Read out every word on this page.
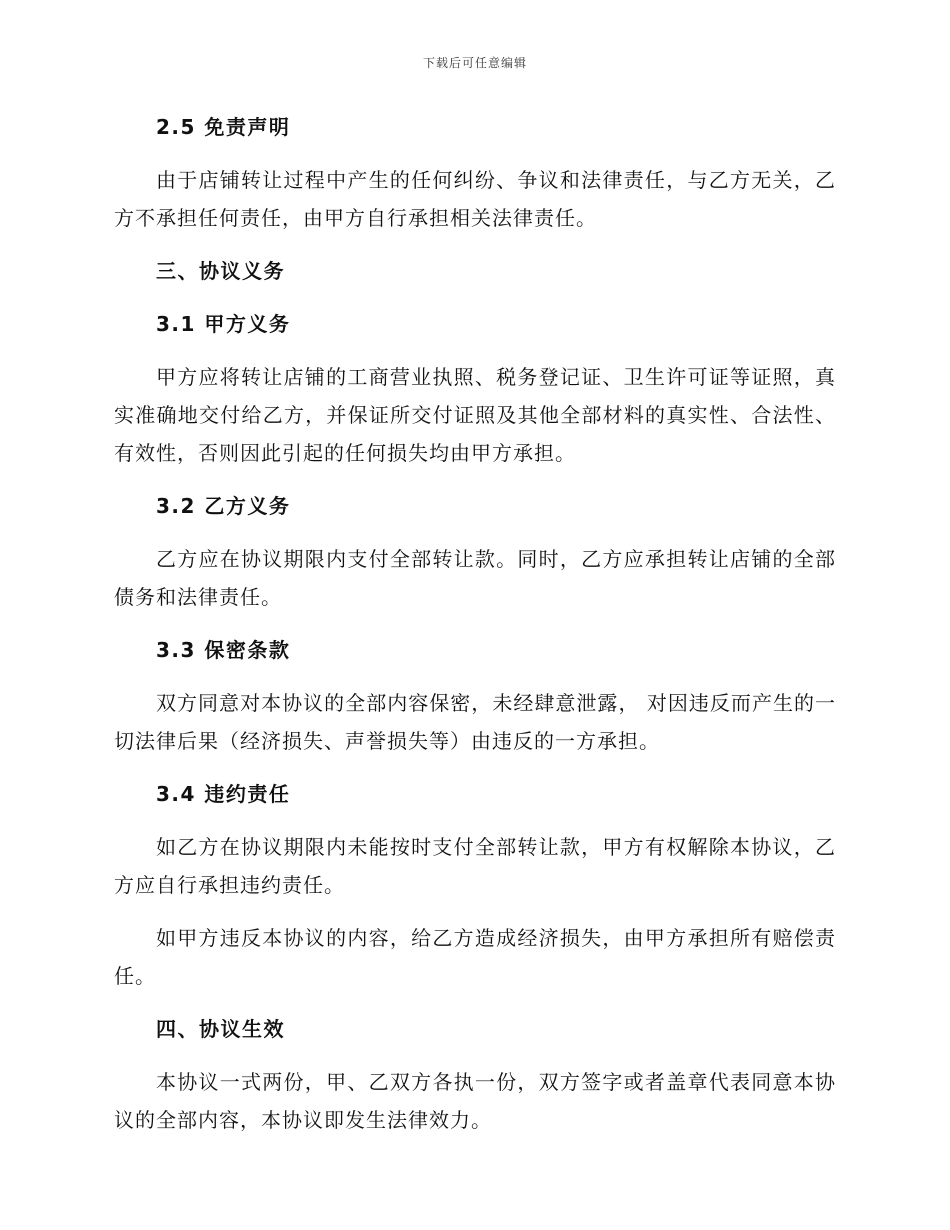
下载后可任意编辑
2.5 免责声明

由于店铺转让过程中产生的任何纠纷、争议和法律责任，与乙方无关，乙方不承担任何责任，由甲方自行承担相关法律责任。

三、协议义务
3.1 甲方义务

甲方应将转让店铺的工商营业执照、税务登记证、卫生许可证等证照，真实准确地交付给乙方，并保证所交付证照及其他全部材料的真实性、合法性、有效性，否则因此引起的任何损失均由甲方承担。

3.2 乙方义务

乙方应在协议期限内支付全部转让款。同时，乙方应承担转让店铺的全部债务和法律责任。

3.3 保密条款

双方同意对本协议的全部内容保密，未经肆意泄露， 对因违反而产生的一切法律后果（经济损失、声誉损失等）由违反的一方承担。

3.4 违约责任

如乙方在协议期限内未能按时支付全部转让款，甲方有权解除本协议，乙方应自行承担违约责任。

如甲方违反本协议的内容，给乙方造成经济损失，由甲方承担所有赔偿责任。

四、协议生效

本协议一式两份，甲、乙双方各执一份，双方签字或者盖章代表同意本协议的全部内容，本协议即发生法律效力。
